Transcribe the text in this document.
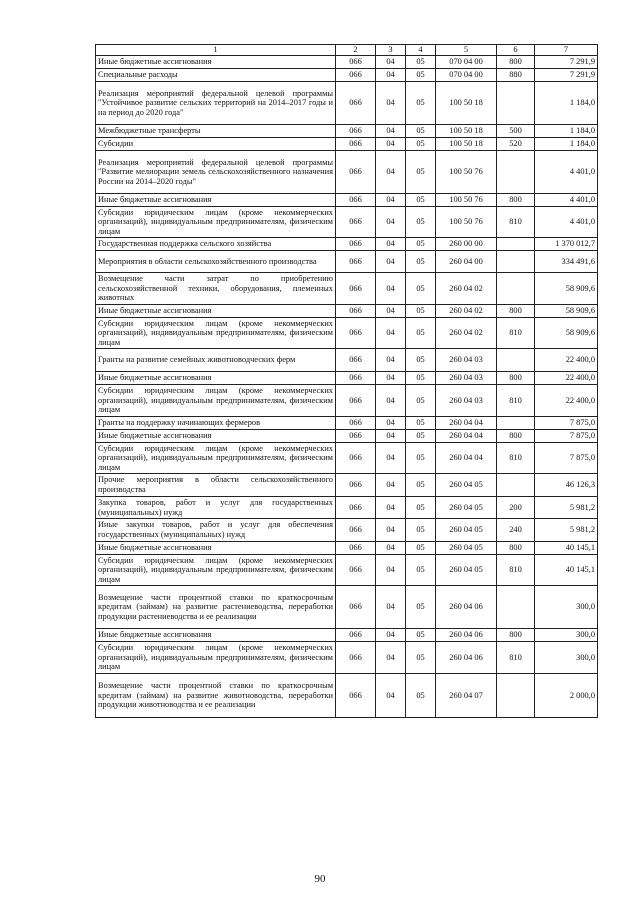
1	2	3	4	5	6	7
Иные бюджетные ассигнования	066	04	05	070 04 00	800	7 291,9
Специальные расходы	066	04	05	070 04 00	880	7 291,9
Реализация мероприятий федеральной целевой программы "Устойчивое развитие сельских территорий на 2014–2017 годы и на период до 2020 года"	066	04	05	100 50 18		1 184,0
Межбюджетные трансферты	066	04	05	100 50 18	500	1 184,0
Субсидии	066	04	05	100 50 18	520	1 184,0
Реализация мероприятий федеральной целевой программы "Развитие мелиорации земель сельскохозяйственного назначения России на 2014–2020 годы"	066	04	05	100 50 76		4 401,0
Иные бюджетные ассигнования	066	04	05	100 50 76	800	4 401,0
Субсидии юридическим лицам (кроме некоммерческих организаций), индивидуальным предпринимателям, физическим лицам	066	04	05	100 50 76	810	4 401,0
Государственная поддержка сельского хозяйства	066	04	05	260 00 00		1 370 012,7
Мероприятия в области сельскохозяйственного производства	066	04	05	260 04 00		334 491,6
Возмещение части затрат по приобретению сельскохозяйственной техники, оборудования, племенных животных	066	04	05	260 04 02		58 909,6
Иные бюджетные ассигнования	066	04	05	260 04 02	800	58 909,6
Субсидии юридическим лицам (кроме некоммерческих организаций), индивидуальным предпринимателям, физическим лицам	066	04	05	260 04 02	810	58 909,6
Гранты на развитие семейных животноводческих ферм	066	04	05	260 04 03		22 400,0
Иные бюджетные ассигнования	066	04	05	260 04 03	800	22 400,0
Субсидии юридическим лицам (кроме некоммерческих организаций), индивидуальным предпринимателям, физическим лицам	066	04	05	260 04 03	810	22 400,0
Гранты на поддержку начинающих фермеров	066	04	05	260 04 04		7 875,0
Иные бюджетные ассигнования	066	04	05	260 04 04	800	7 875,0
Субсидии юридическим лицам (кроме некоммерческих организаций), индивидуальным предпринимателям, физическим лицам	066	04	05	260 04 04	810	7 875,0
Прочие мероприятия в области сельскохозяйственного производства	066	04	05	260 04 05		46 126,3
Закупка товаров, работ и услуг для государственных (муниципальных) нужд	066	04	05	260 04 05	200	5 981,2
Иные закупки товаров, работ и услуг для обеспечения государственных (муниципальных) нужд	066	04	05	260 04 05	240	5 981,2
Иные бюджетные ассигнования	066	04	05	260 04 05	800	40 145,1
Субсидии юридическим лицам (кроме некоммерческих организаций), индивидуальным предпринимателям, физическим лицам	066	04	05	260 04 05	810	40 145,1
Возмещение части процентной ставки по краткосрочным кредитам (займам) на развитие растениеводства, переработки продукции растениеводства и ее реализации	066	04	05	260 04 06		300,0
Иные бюджетные ассигнования	066	04	05	260 04 06	800	300,0
Субсидии юридическим лицам (кроме некоммерческих организаций), индивидуальным предпринимателям, физическим лицам	066	04	05	260 04 06	810	300,0
Возмещение части процентной ставки по краткосрочным кредитам (займам) на развитие животноводства, переработки продукции животноводства и ее реализации	066	04	05	260 04 07		2 000,0
90
